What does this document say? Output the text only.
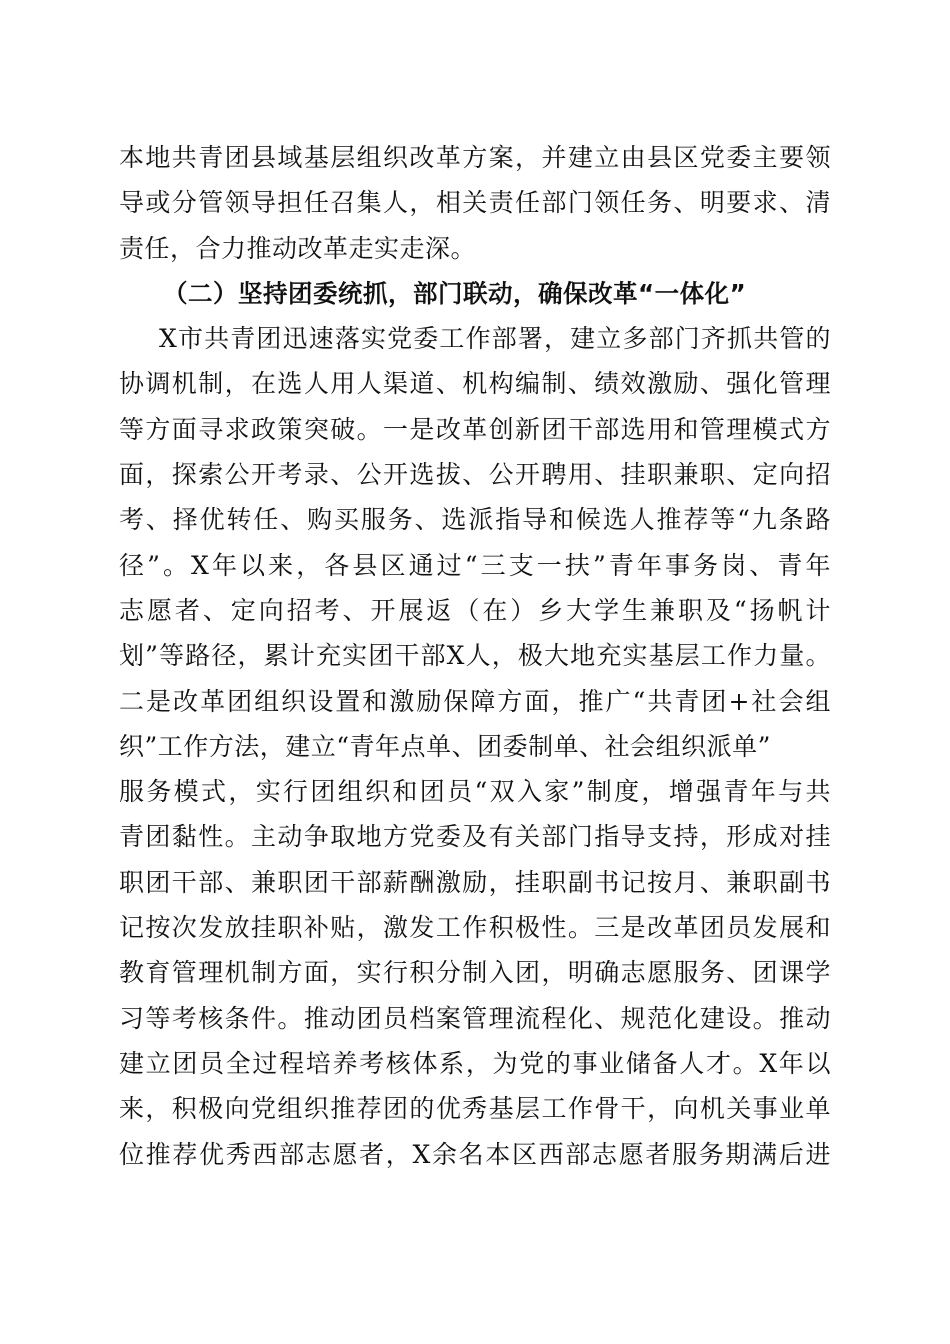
本地共青团县域基层组织改革方案，并建立由县区党委主要领
导或分管领导担任召集人，相关责任部门领任务、明要求、清
责任，合力推动改革走实走深。
（二）坚持团委统抓，部门联动，确保改革“一体化”
X市共青团迅速落实党委工作部署，建立多部门齐抓共管的
协调机制，在选人用人渠道、机构编制、绩效激励、强化管理
等方面寻求政策突破。一是改革创新团干部选用和管理模式方
面，探索公开考录、公开选拔、公开聘用、挂职兼职、定向招
考、择优转任、购买服务、选派指导和候选人推荐等“九条路
径”。X年以来，各县区通过“三支一扶”青年事务岗、青年
志愿者、定向招考、开展返（在）乡大学生兼职及“扬帆计
划”等路径，累计充实团干部X人，极大地充实基层工作力量。
二是改革团组织设置和激励保障方面，推广“共青团+社会组
织”工作方法，建立“青年点单、团委制单、社会组织派单”
服务模式，实行团组织和团员“双入家”制度，增强青年与共
青团黏性。主动争取地方党委及有关部门指导支持，形成对挂
职团干部、兼职团干部薪酬激励，挂职副书记按月、兼职副书
记按次发放挂职补贴，激发工作积极性。三是改革团员发展和
教育管理机制方面，实行积分制入团，明确志愿服务、团课学
习等考核条件。推动团员档案管理流程化、规范化建设。推动
建立团员全过程培养考核体系，为党的事业储备人才。X年以
来，积极向党组织推荐团的优秀基层工作骨干，向机关事业单
位推荐优秀西部志愿者，X余名本区西部志愿者服务期满后进
